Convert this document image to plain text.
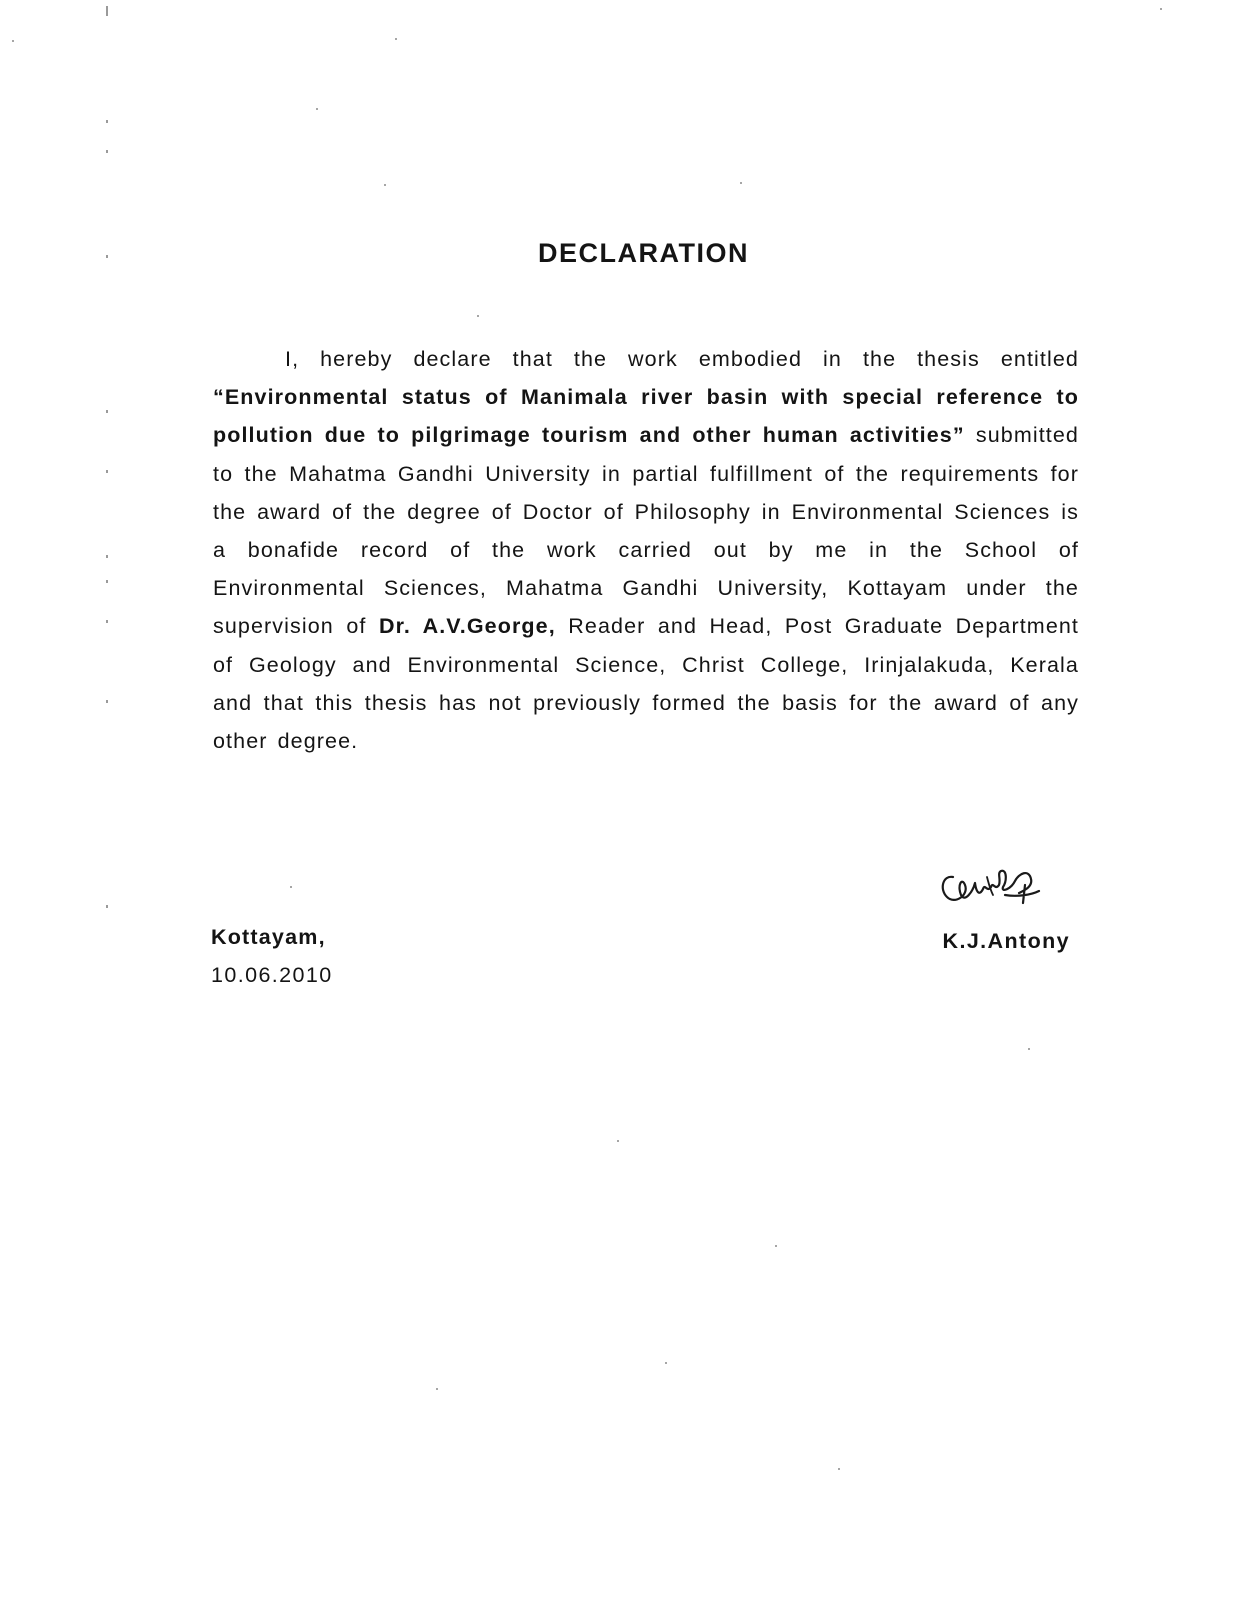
DECLARATION

I, hereby declare that the work embodied in the thesis entitled “Environmental status of Manimala river basin with special reference to pollution due to pilgrimage tourism and other human activities” submitted to the Mahatma Gandhi University in partial fulfillment of the requirements for the award of the degree of Doctor of Philosophy in Environmental Sciences is a bonafide record of the work carried out by me in the School of Environmental Sciences, Mahatma Gandhi University, Kottayam under the supervision of Dr. A.V.George, Reader and Head, Post Graduate Department of Geology and Environmental Science, Christ College, Irinjalakuda, Kerala and that this thesis has not previously formed the basis for the award of any other degree.

Kottayam,
10.06.2010
K.J.Antony
